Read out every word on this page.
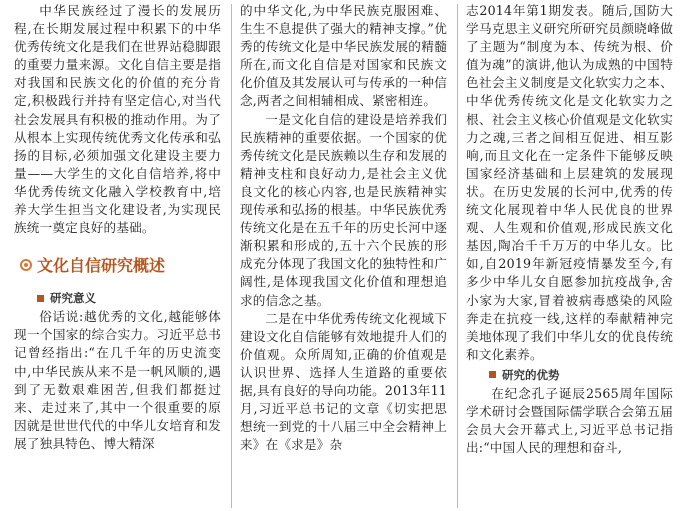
中华民族经过了漫长的发展历程,在长期发展过程中积累下的中华优秀传统文化是我们在世界站稳脚跟的重要力量来源。文化自信主要是指对我国和民族文化的价值的充分肯定,积极践行并持有坚定信心,对当代社会发展具有积极的推动作用。为了从根本上实现传统优秀文化传承和弘扬的目标,必须加强文化建设主要力量——大学生的文化自信培养,将中华优秀传统文化融入学校教育中,培养大学生担当文化建设者,为实现民族统一奠定良好的基础。

文化自信研究概述
研究意义

俗话说:越优秀的文化,越能够体现一个国家的综合实力。习近平总书记曾经指出:“在几千年的历史流变中,中华民族从来不是一帆风顺的,遇到了无数艰难困苦,但我们都挺过来、走过来了,其中一个很重要的原因就是世世代代的中华儿女培育和发展了独具特色、博大精深

的中华文化,为中华民族克服困难、生生不息提供了强大的精神支撑。”优秀的传统文化是中华民族发展的精髓所在,而文化自信是对国家和民族文化价值及其发展认可与传承的一种信念,两者之间相辅相成、紧密相连。

一是文化自信的建设是培养我们民族精神的重要依据。一个国家的优秀传统文化是民族赖以生存和发展的精神支柱和良好动力,是社会主义优良文化的核心内容,也是民族精神实现传承和弘扬的根基。中华民族优秀传统文化是在五千年的历史长河中逐渐积累和形成的,五十六个民族的形成充分体现了我国文化的独特性和广阔性,是体现我国文化价值和理想追求的信念之基。

二是在中华优秀传统文化视域下建设文化自信能够有效地提升人们的价值观。众所周知,正确的价值观是认识世界、选择人生道路的重要依据,具有良好的导向功能。2013年11月,习近平总书记的文章《切实把思想统一到党的十八届三中全会精神上来》在《求是》杂

志2014年第1期发表。随后,国防大学马克思主义研究所研究员颜晓峰做了主题为“制度为本、传统为根、价值为魂”的演讲,他认为成熟的中国特色社会主义制度是文化软实力之本、中华优秀传统文化是文化软实力之根、社会主义核心价值观是文化软实力之魂,三者之间相互促进、相互影响,而且文化在一定条件下能够反映国家经济基础和上层建筑的发展现状。在历史发展的长河中,优秀的传统文化展现着中华人民优良的世界观、人生观和价值观,形成民族文化基因,陶冶千千万万的中华儿女。比如,自2019年新冠疫情暴发至今,有多少中华儿女自愿参加抗疫战争,舍小家为大家,冒着被病毒感染的风险奔走在抗疫一线,这样的奉献精神完美地体现了我们中华儿女的优良传统和文化素养。

研究的优势

在纪念孔子诞辰2565周年国际学术研讨会暨国际儒学联合会第五届会员大会开幕式上,习近平总书记指出:“中国人民的理想和奋斗,
